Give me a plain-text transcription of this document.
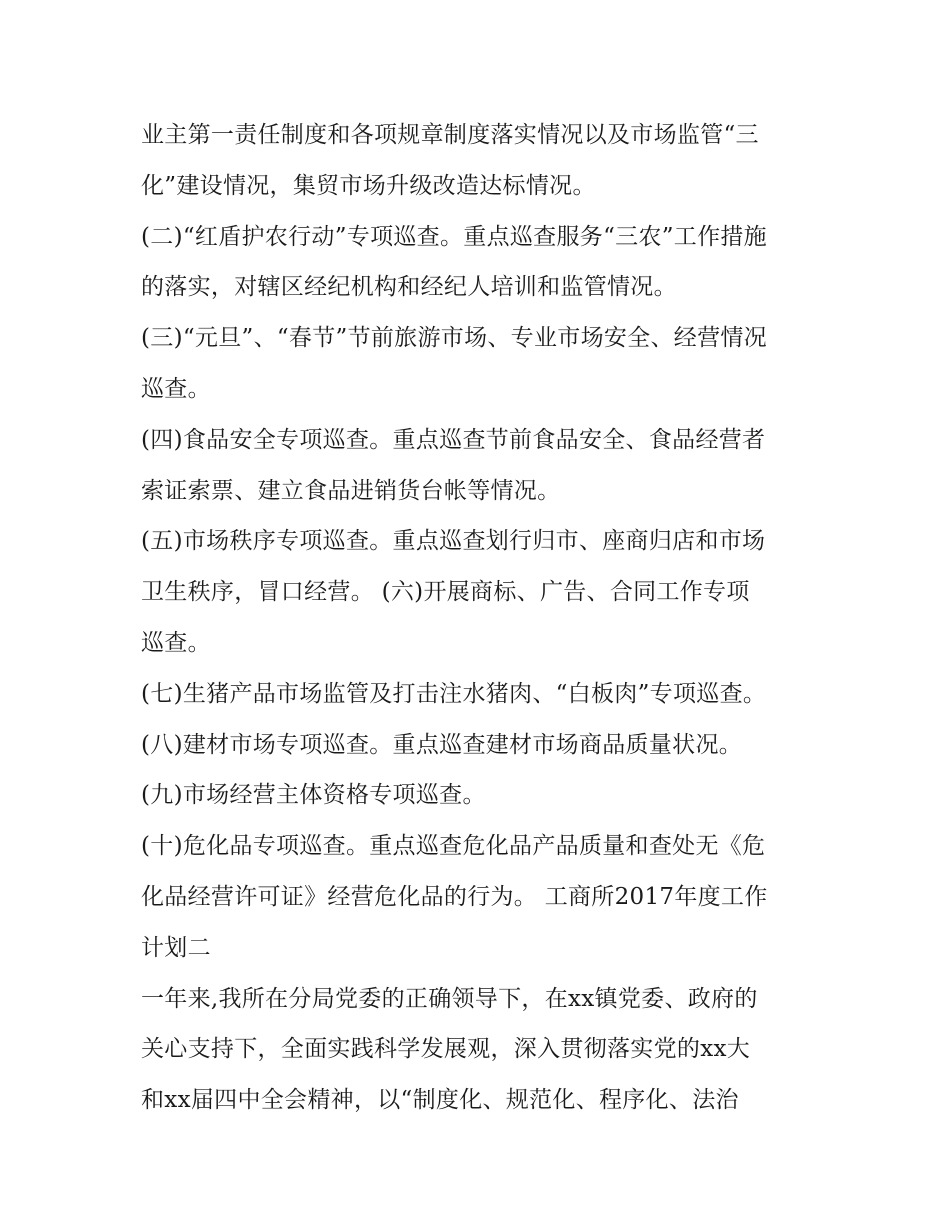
业主第一责任制度和各项规章制度落实情况以及市场监管“三
化”建设情况，集贸市场升级改造达标情况。
(二)“红盾护农行动”专项巡查。重点巡查服务“三农”工作措施
的落实，对辖区经纪机构和经纪人培训和监管情况。
(三)“元旦”、“春节”节前旅游市场、专业市场安全、经营情况
巡查。
(四)食品安全专项巡查。重点巡查节前食品安全、食品经营者
索证索票、建立食品进销货台帐等情况。
(五)市场秩序专项巡查。重点巡查划行归市、座商归店和市场
卫生秩序，冒口经营。 (六)开展商标、广告、合同工作专项
巡查。
(七)生猪产品市场监管及打击注水猪肉、“白板肉”专项巡查。
(八)建材市场专项巡查。重点巡查建材市场商品质量状况。
(九)市场经营主体资格专项巡查。
(十)危化品专项巡查。重点巡查危化品产品质量和查处无《危
化品经营许可证》经营危化品的行为。 工商所2017年度工作
计划二
一年来,我所在分局党委的正确领导下，在xx镇党委、政府的
关心支持下，全面实践科学发展观，深入贯彻落实党的xx大
和xx届四中全会精神，以“制度化、规范化、程序化、法治
